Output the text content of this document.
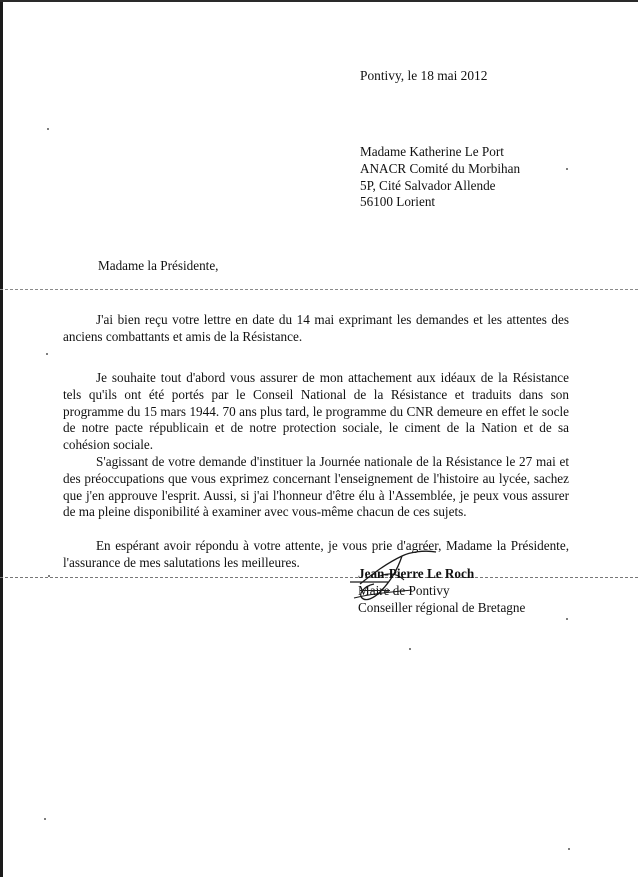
Pontivy, le 18 mai 2012
Madame Katherine Le Port
ANACR Comité du Morbihan
5P, Cité Salvador Allende
56100 Lorient
Madame la Présidente,
J'ai bien reçu votre lettre en date du 14 mai exprimant les demandes et les attentes des anciens combattants et amis de la Résistance.
Je souhaite tout d'abord vous assurer de mon attachement aux idéaux de la Résistance tels qu'ils ont été portés par le Conseil National de la Résistance et traduits dans son programme du 15 mars 1944. 70 ans plus tard, le programme du CNR demeure en effet le socle de notre pacte républicain et de notre protection sociale, le ciment de la Nation et de sa cohésion sociale.
S'agissant de votre demande d'instituer la Journée nationale de la Résistance le 27 mai et des préoccupations que vous exprimez concernant l'enseignement de l'histoire au lycée, sachez que j'en approuve l'esprit. Aussi, si j'ai l'honneur d'être élu à l'Assemblée, je peux vous assurer de ma pleine disponibilité à examiner avec vous-même chacun de ces sujets.
En espérant avoir répondu à votre attente, je vous prie d'agréer, Madame la Présidente, l'assurance de mes salutations les meilleures.
Jean-Pierre Le Roch
Maire de Pontivy
Conseiller régional de Bretagne
